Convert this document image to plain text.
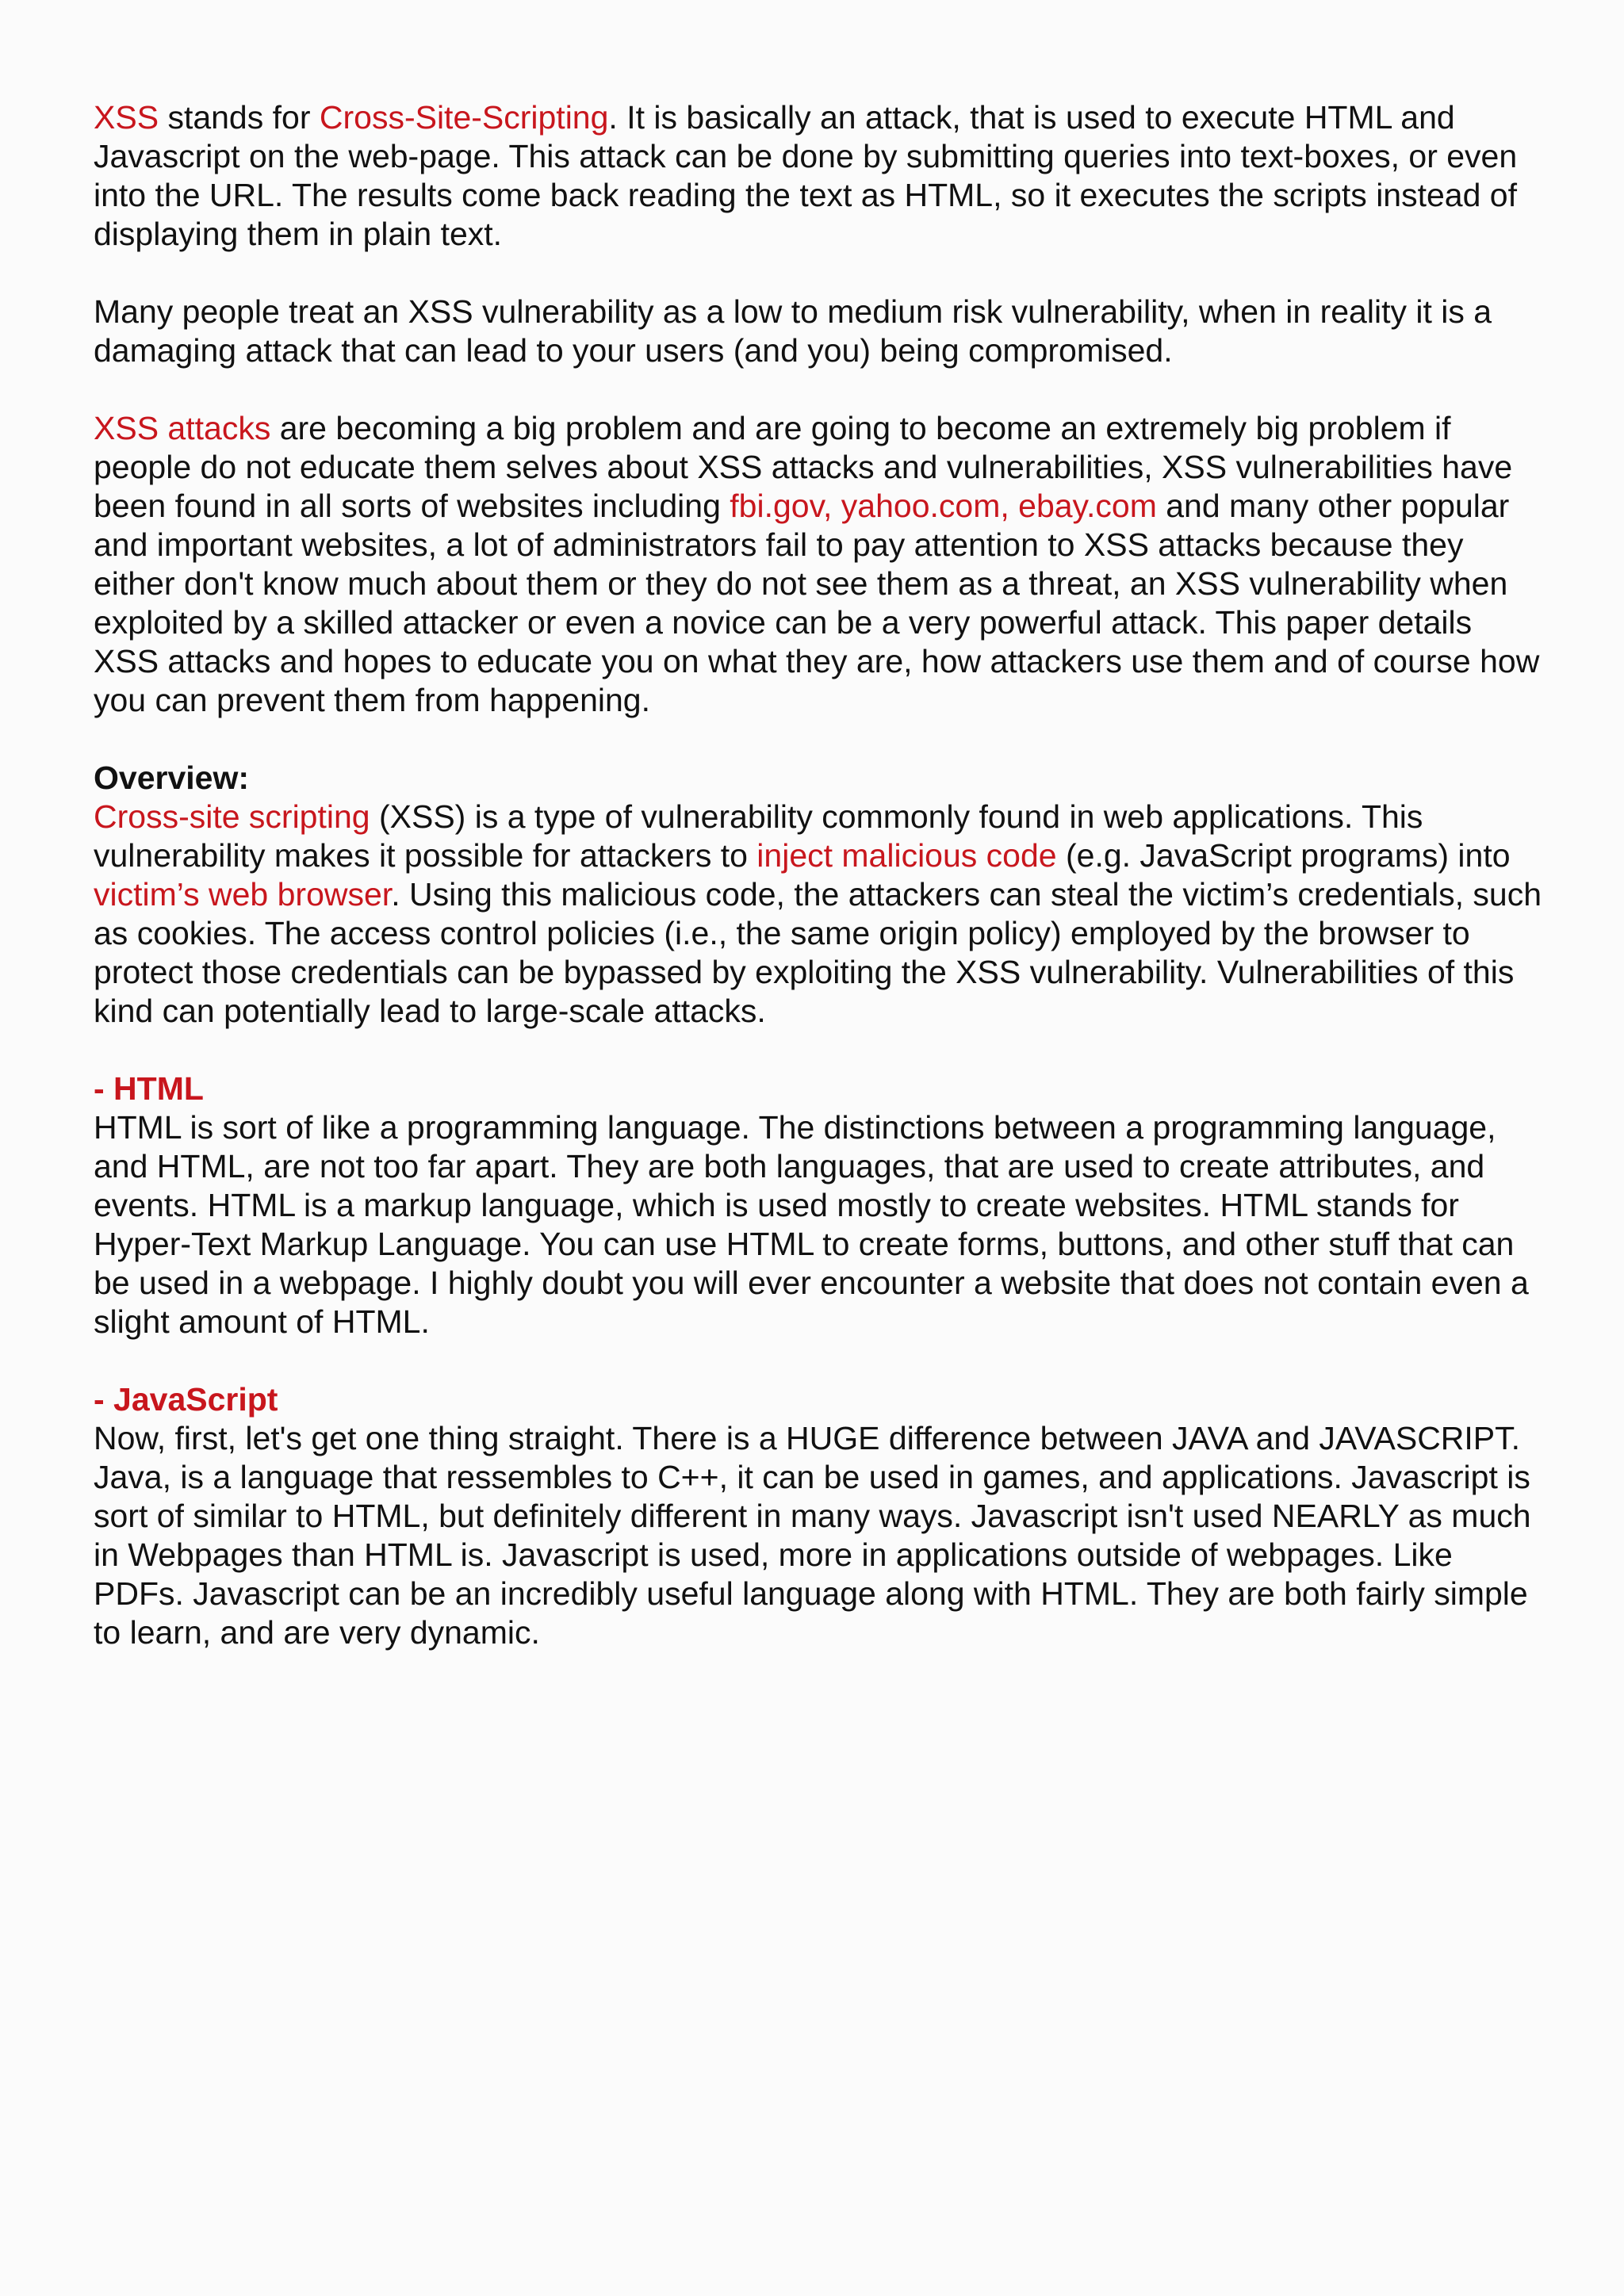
XSS stands for Cross-Site-Scripting. It is basically an attack, that is used to execute HTML and Javascript on the web-page. This attack can be done by submitting queries into text-boxes, or even into the URL. The results come back reading the text as HTML, so it executes the scripts instead of displaying them in plain text.

Many people treat an XSS vulnerability as a low to medium risk vulnerability, when in reality it is a damaging attack that can lead to your users (and you) being compromised.

XSS attacks are becoming a big problem and are going to become an extremely big problem if people do not educate them selves about XSS attacks and vulnerabilities, XSS vulnerabilities have been found in all sorts of websites including fbi.gov, yahoo.com, ebay.com and many other popular and important websites, a lot of administrators fail to pay attention to XSS attacks because they either don't know much about them or they do not see them as a threat, an XSS vulnerability when exploited by a skilled attacker or even a novice can be a very powerful attack. This paper details XSS attacks and hopes to educate you on what they are, how attackers use them and of course how you can prevent them from happening.

Overview:

Cross-site scripting (XSS) is a type of vulnerability commonly found in web applications. This vulnerability makes it possible for attackers to inject malicious code (e.g. JavaScript programs) into victim’s web browser. Using this malicious code, the attackers can steal the victim’s credentials, such as cookies. The access control policies (i.e., the same origin policy) employed by the browser to protect those credentials can be bypassed by exploiting the XSS vulnerability. Vulnerabilities of this kind can potentially lead to large-scale attacks.

- HTML

HTML is sort of like a programming language. The distinctions between a programming language, and HTML, are not too far apart. They are both languages, that are used to create attributes, and events. HTML is a markup language, which is used mostly to create websites. HTML stands for Hyper-Text Markup Language. You can use HTML to create forms, buttons, and other stuff that can be used in a webpage. I highly doubt you will ever encounter a website that does not contain even a slight amount of HTML.

- JavaScript

Now, first, let's get one thing straight. There is a HUGE difference between JAVA and JAVASCRIPT. Java, is a language that ressembles to C++, it can be used in games, and applications. Javascript is sort of similar to HTML, but definitely different in many ways. Javascript isn't used NEARLY as much in Webpages than HTML is. Javascript is used, more in applications outside of webpages. Like PDFs. Javascript can be an incredibly useful language along with HTML. They are both fairly simple to learn, and are very dynamic.
